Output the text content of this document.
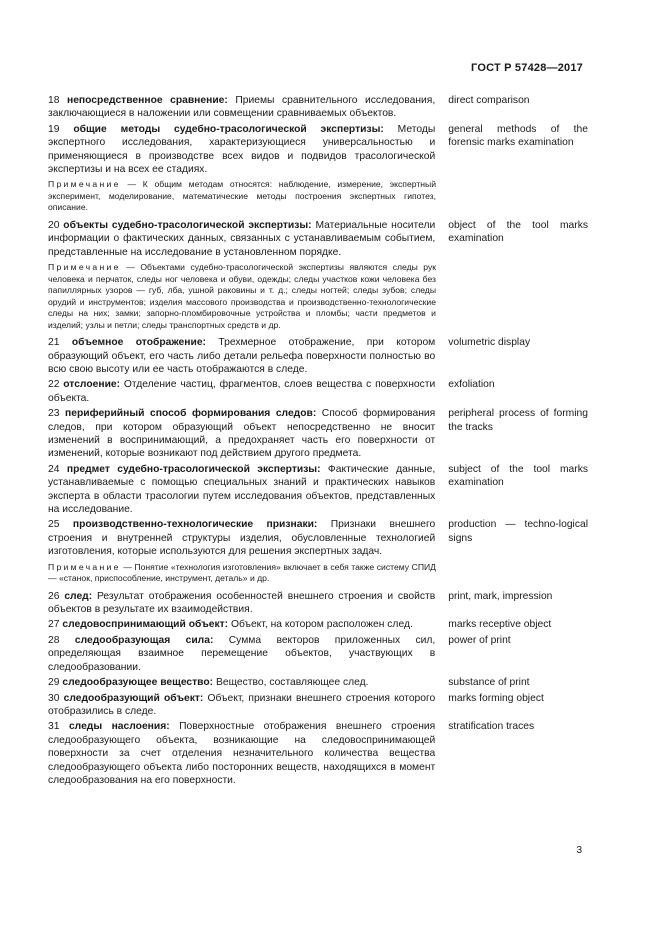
ГОСТ Р 57428—2017
18 непосредственное сравнение: Приемы сравнительного исследования, заключающиеся в наложении или совмещении сравниваемых объектов.
direct comparison
19 общие методы судебно-трасологической экспертизы: Методы экспертного исследования, характеризующиеся универсальностью и применяющиеся в производстве всех видов и подвидов трасологической экспертизы и на всех ее стадиях.
general methods of the forensic marks examination
Примечание — К общим методам относятся: наблюдение, измерение, экспертный эксперимент, моделирование, математические методы построения экспертных гипотез, описание.
20 объекты судебно-трасологической экспертизы: Материальные носители информации о фактических данных, связанных с устанавливаемым событием, представленные на исследование в установленном порядке.
object of the tool marks examination
Примечание — Объектами судебно-трасологической экспертизы являются следы рук человека и перчаток, следы ног человека и обуви, одежды; следы участков кожи человека без папиллярных узоров — губ, лба, ушной раковины и т. д.; следы ногтей; следы зубов; следы орудий и инструментов; изделия массового производства и производственно-технологические следы на них; замки; запорно-пломбировочные устройства и пломбы; части предметов и изделий; узлы и петли; следы транспортных средств и др.
21 объемное отображение: Трехмерное отображение, при котором образующий объект, его часть либо детали рельефа поверхности полностью во всю свою высоту или ее часть отображаются в следе.
volumetric display
22 отслоение: Отделение частиц, фрагментов, слоев вещества с поверхности объекта.
exfoliation
23 периферийный способ формирования следов: Способ формирования следов, при котором образующий объект непосредственно не вносит изменений в воспринимающий, а предохраняет часть его поверхности от изменений, которые возникают под действием другого предмета.
peripheral process of forming the tracks
24 предмет судебно-трасологической экспертизы: Фактические данные, устанавливаемые с помощью специальных знаний и практических навыков эксперта в области трасологии путем исследования объектов, представленных на исследование.
subject of the tool marks examination
25 производственно-технологические признаки: Признаки внешнего строения и внутренней структуры изделия, обусловленные технологией изготовления, которые используются для решения экспертных задач.
production — techno-logical signs
Примечание — Понятие «технология изготовления» включает в себя также систему СПИД — «станок, приспособление, инструмент, деталь» и др.
26 след: Результат отображения особенностей внешнего строения и свойств объектов в результате их взаимодействия.
print, mark, impression
27 следовоспринимающий объект: Объект, на котором расположен след.	marks receptive object
28 следообразующая сила: Сумма векторов приложенных сил, определяющая взаимное перемещение объектов, участвующих в следообразовании.
power of print
29 следообразующее вещество: Вещество, составляющее след.	substance of print
30 следообразующий объект: Объект, признаки внешнего строения которого отобразились в следе.
marks forming object
31 следы наслоения: Поверхностные отображения внешнего строения следообразующего объекта, возникающие на следовоспринимающей поверхности за счет отделения незначительного количества вещества следообразующего объекта либо посторонних веществ, находящихся в момент следообразования на его поверхности.
stratification traces
3
